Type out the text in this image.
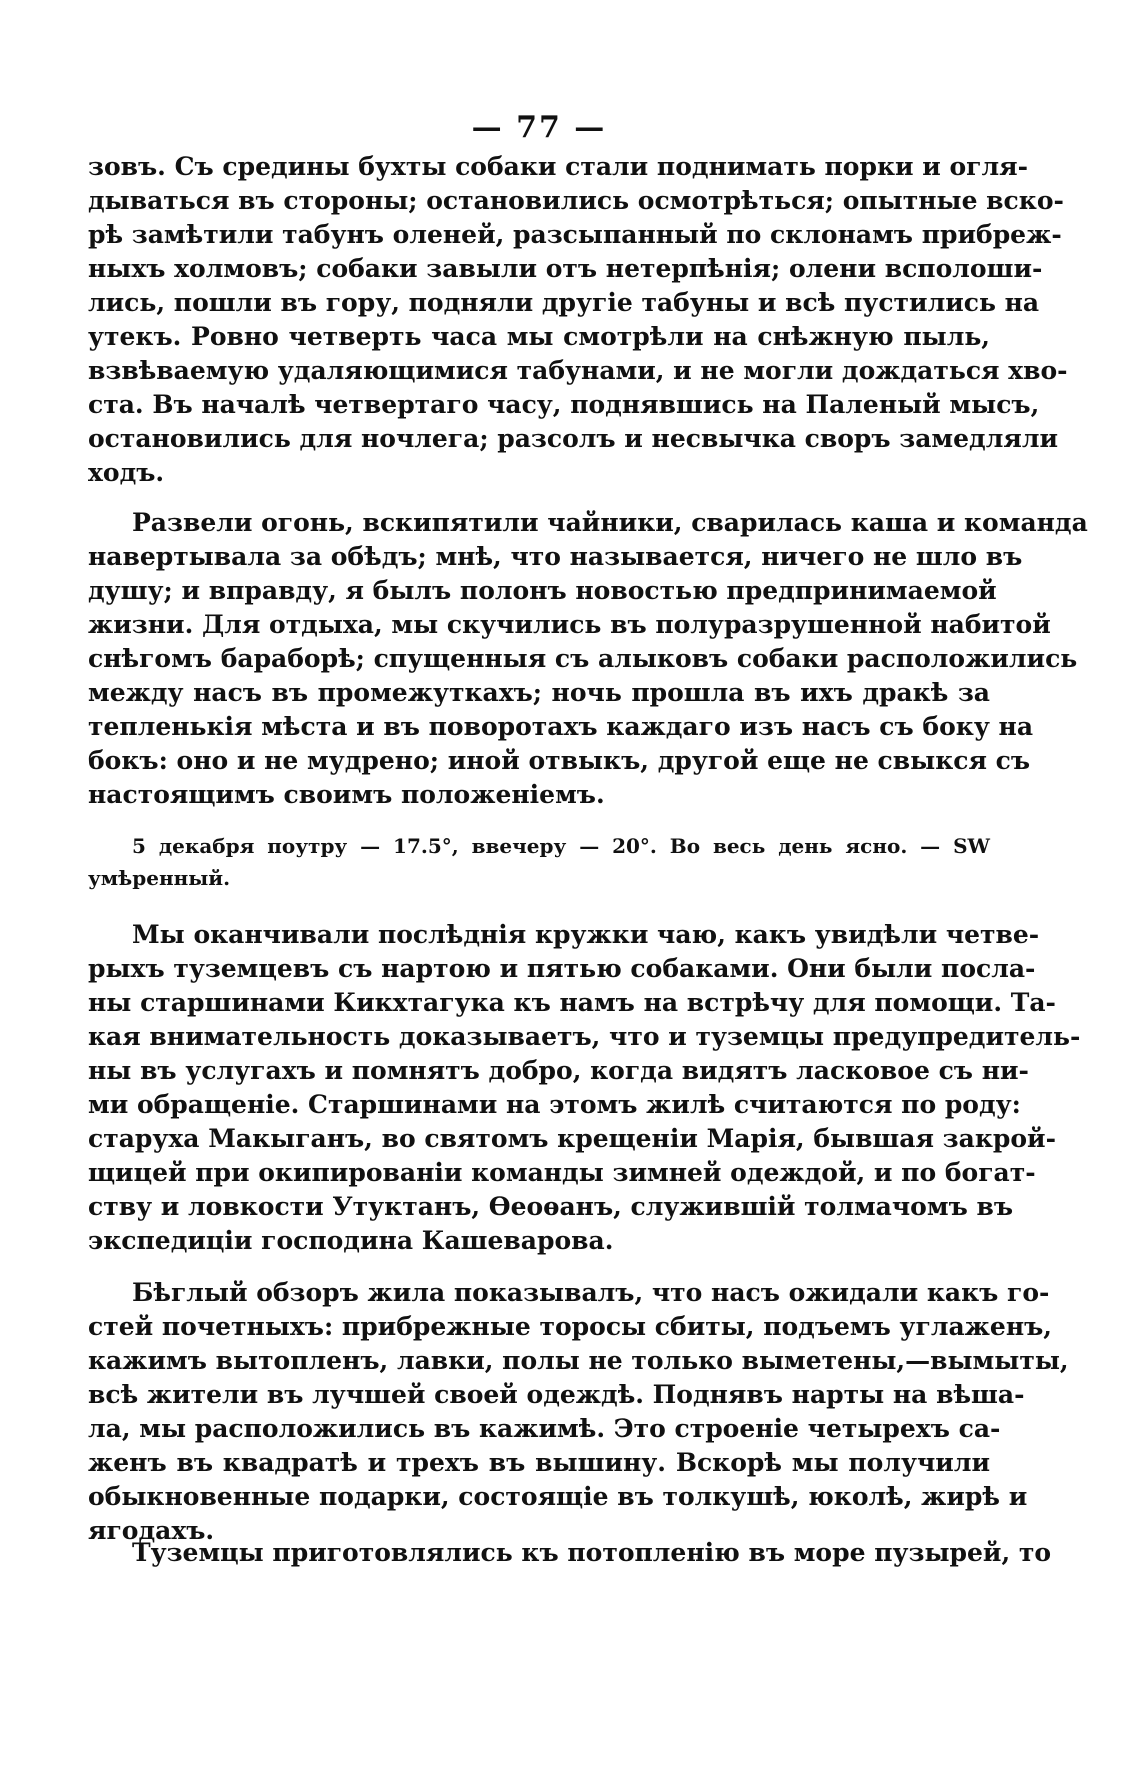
— 77 —
зовъ. Съ средины бухты собаки стали поднимать порки и огля-
дываться въ стороны; остановились осмотрѣться; опытные вско-
рѣ замѣтили табунъ оленей, разсыпанный по склонамъ прибреж-
ныхъ холмовъ; собаки завыли отъ нетерпѣнія; олени всполоши-
лись, пошли въ гору, подняли другіе табуны и всѣ пустились на
утекъ. Ровно четверть часа мы смотрѣли на снѣжную пыль,
взвѣваемую удаляющимися табунами, и не могли дождаться хво-
ста. Въ началѣ четвертаго часу, поднявшись на Паленый мысъ,
остановились для ночлега; разсолъ и несвычка своръ замедляли
ходъ.
Развели огонь, вскипятили чайники, сварилась каша и команда
навертывала за обѣдъ; мнѣ, что называется, ничего не шло въ
душу; и вправду, я былъ полонъ новостью предпринимаемой
жизни. Для отдыха, мы скучились въ полуразрушенной набитой
снѣгомъ бараборѣ; спущенныя съ алыковъ собаки расположились
между насъ въ промежуткахъ; ночь прошла въ ихъ дракѣ за
тепленькія мѣста и въ поворотахъ каждаго изъ насъ съ боку на
бокъ: оно и не мудрено; иной отвыкъ, другой еще не свыкся съ
настоящимъ своимъ положеніемъ.
5 декабря поутру — 17.5°, ввечеру — 20°. Во весь день ясно. — SW
умѣренный.
Мы оканчивали послѣднія кружки чаю, какъ увидѣли четве-
рыхъ туземцевъ съ нартою и пятью собаками. Они были посла-
ны старшинами Кикхтагука къ намъ на встрѣчу для помощи. Та-
кая внимательность доказываетъ, что и туземцы предупредитель-
ны въ услугахъ и помнятъ добро, когда видятъ ласковое съ ни-
ми обращеніе. Старшинами на этомъ жилѣ считаются по роду:
старуха Макыганъ, во святомъ крещеніи Марія, бывшая закрой-
щицей при окипированіи команды зимней одеждой, и по богат-
ству и ловкости Утуктанъ, Ѳеоѳанъ, служившій толмачомъ въ
экспедиціи господина Кашеварова.
Бѣглый обзоръ жила показывалъ, что насъ ожидали какъ го-
стей почетныхъ: прибрежные торосы сбиты, подъемъ углаженъ,
кажимъ вытопленъ, лавки, полы не только выметены,—вымыты,
всѣ жители въ лучшей своей одеждѣ. Поднявъ нарты на вѣша-
ла, мы расположились въ кажимѣ. Это строеніе четырехъ са-
женъ въ квадратѣ и трехъ въ вышину. Вскорѣ мы получили
обыкновенные подарки, состоящіе въ толкушѣ, юколѣ, жирѣ и
ягодахъ.
Туземцы приготовлялись къ потопленію въ море пузырей, то
